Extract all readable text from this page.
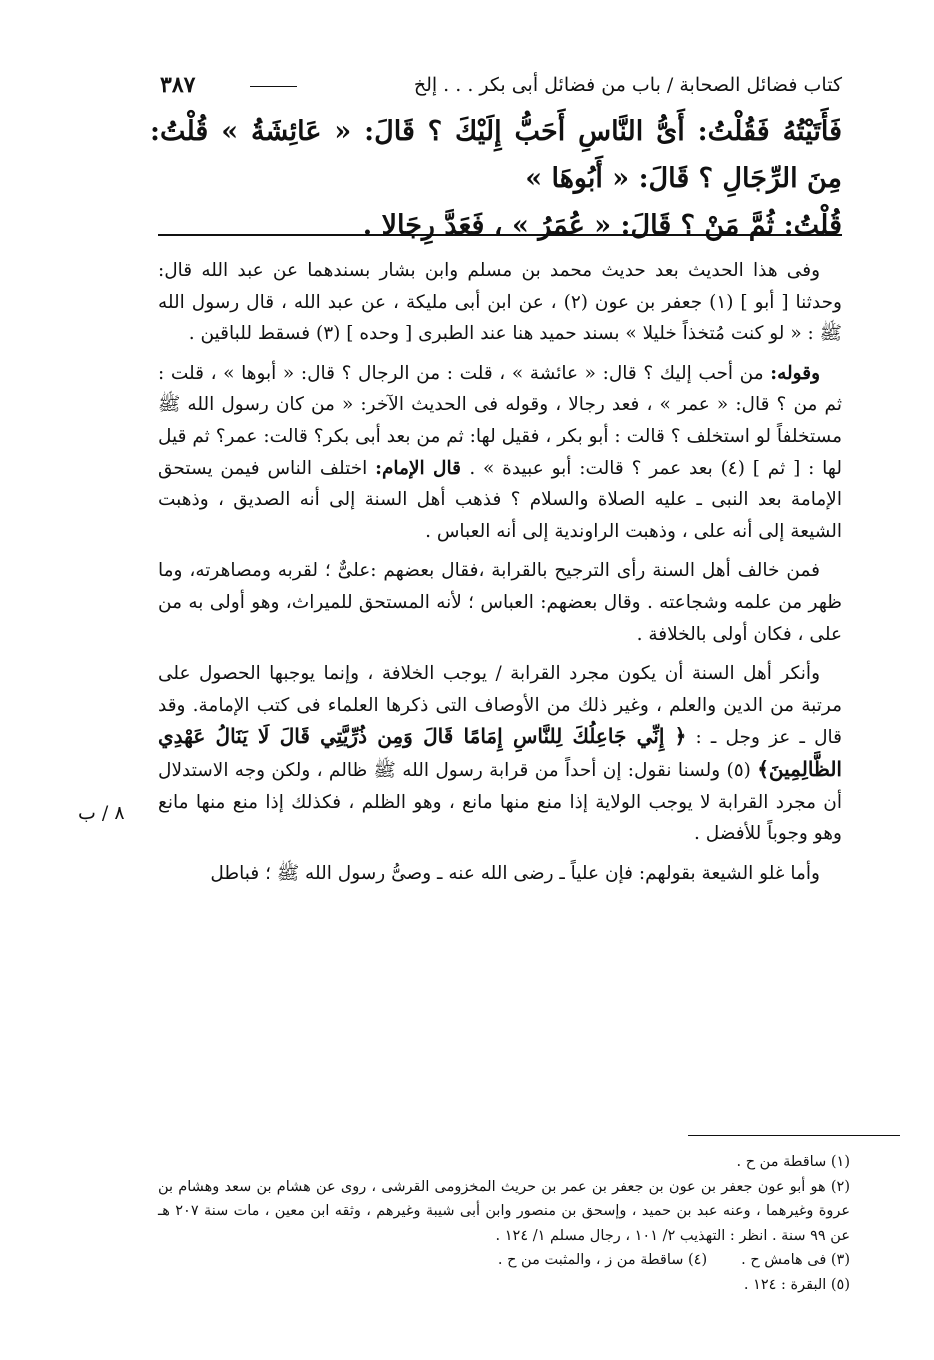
كتاب فضائل الصحابة / باب من فضائل أبى بكر . . . إلخ
٣٨٧

فَأَتَيْتُهُ فَقُلْتُ: أَىُّ النَّاسِ أَحَبُّ إِلَيْكَ ؟ قَالَ: « عَائِشَةُ » قُلْتُ: مِنَ الرِّجَالِ ؟ قَالَ: « أَبُوهَا »

قُلْتُ: ثُمَّ مَنْ ؟ قَالَ: « عُمَرُ » ، فَعَدَّ رِجَالا .

وفى هذا الحديث بعد حديث محمد بن مسلم وابن بشار بسندهما عن عبد الله قال: وحدثنا [ أبو ] (١) جعفر بن عون (٢) ، عن ابن أبى مليكة ، عن عبد الله ، قال رسول الله ﷺ : « لو كنت مُتخذاً خليلا » بسند حميد هنا عند الطبرى [ وحده ] (٣) فسقط للباقين .

وقوله: من أحب إليك ؟ قال: « عائشة » ، قلت : من الرجال ؟ قال: « أبوها » ، قلت : ثم من ؟ قال: « عمر » ، فعد رجالا ، وقوله فى الحديث الآخر: « من كان رسول الله ﷺ مستخلفاً لو استخلف ؟ قالت : أبو بكر ، فقيل لها: ثم من بعد أبى بكر؟ قالت: عمر؟ ثم قيل لها : [ ثم ] (٤) بعد عمر ؟ قالت: أبو عبيدة » . قال الإمام: اختلف الناس فيمن يستحق الإمامة بعد النبى ـ عليه الصلاة والسلام ؟ فذهب أهل السنة إلى أنه الصديق ، وذهبت الشيعة إلى أنه على ، وذهبت الراوندية إلى أنه العباس .

فمن خالف أهل السنة رأى الترجيح بالقرابة ،فقال بعضهم :علىٌّ ؛ لقربه ومصاهرته، وما ظهر من علمه وشجاعته . وقال بعضهم: العباس ؛ لأنه المستحق للميراث، وهو أولى به من على ، فكان أولى بالخلافة .

وأنكر أهل السنة أن يكون مجرد القرابة / يوجب الخلافة ، وإنما يوجبها الحصول على مرتبة من الدين والعلم ، وغير ذلك من الأوصاف التى ذكرها العلماء فى كتب الإمامة. وقد قال ـ عز وجل ـ : ﴿ إِنِّي جَاعِلُكَ لِلنَّاسِ إِمَامًا قَالَ وَمِن ذُرِّيَّتِي قَالَ لَا يَنَالُ عَهْدِي الظَّالِمِينَ﴾ (٥) ولسنا نقول: إن أحداً من قرابة رسول الله ﷺ ظالم ، ولكن وجه الاستدلال أن مجرد القرابة لا يوجب الولاية إذا منع منها مانع ، وهو الظلم ، فكذلك إذا منع منها مانع وهو وجوباً للأفضل .

وأما غلو الشيعة بقولهم: فإن علياً ـ رضى الله عنه ـ وصىُّ رسول الله ﷺ ؛ فباطل

٨ / ب

(١) ساقطة من ح .

(٢) هو أبو عون جعفر بن عون بن جعفر بن عمر بن حريث المخزومى القرشى ، روى عن هشام بن سعد وهشام بن عروة وغيرهما ، وعنه عبد بن حميد ، وإسحق بن منصور وابن أبى شيبة وغيرهم ، وثقه ابن معين ، مات سنة ٢٠٧ هـ عن ٩٩ سنة . انظر : التهذيب ٢/ ١٠١ ، رجال مسلم ١/ ١٢٤ .

(٣) فى هامش ح .
(٤) ساقطة من ز ، والمثبت من ح .

(٥) البقرة : ١٢٤ .
